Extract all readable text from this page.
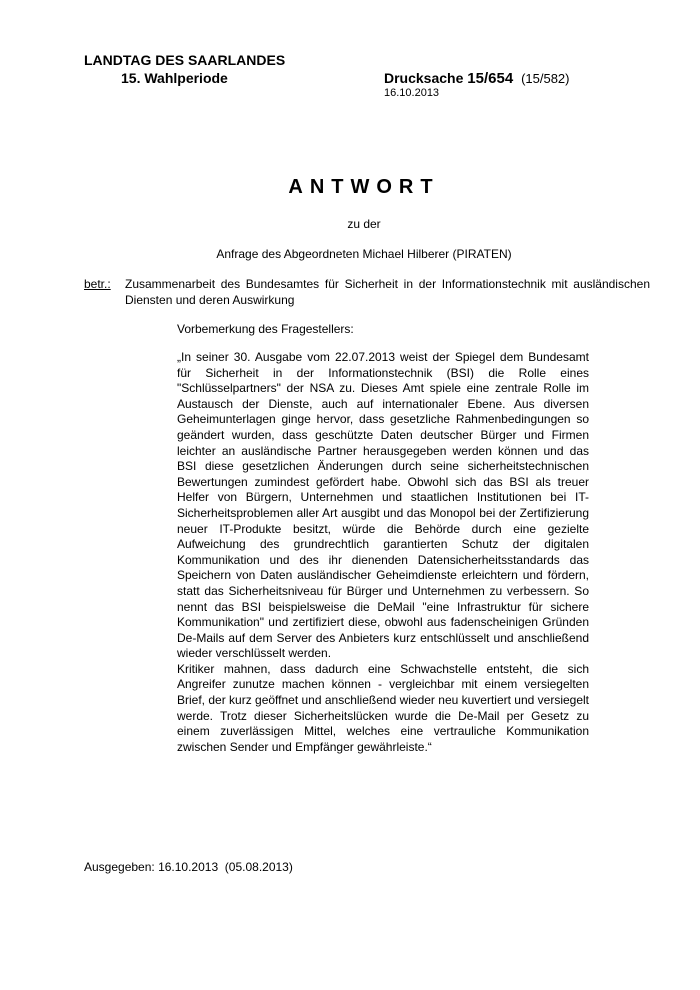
LANDTAG DES SAARLANDES
15. Wahlperiode	Drucksache 15/654 (15/582)
16.10.2013
ANTWORT
zu der
Anfrage des Abgeordneten Michael Hilberer (PIRATEN)
betr.: Zusammenarbeit des Bundesamtes für Sicherheit in der Informationstechnik mit ausländischen Diensten und deren Auswirkung
Vorbemerkung des Fragestellers:

„In seiner 30. Ausgabe vom 22.07.2013 weist der Spiegel dem Bundesamt für Sicherheit in der Informationstechnik (BSI) die Rolle eines "Schlüsselpartners" der NSA zu. Dieses Amt spiele eine zentrale Rolle im Austausch der Dienste, auch auf internationaler Ebene. Aus diversen Geheimunterlagen ginge hervor, dass gesetzliche Rahmenbedingungen so geändert wurden, dass geschützte Daten deutscher Bürger und Firmen leichter an ausländische Partner herausgegeben werden können und das BSI diese gesetzlichen Änderungen durch seine sicherheitstechnischen Bewertungen zumindest gefördert habe. Obwohl sich das BSI als treuer Helfer von Bürgern, Unternehmen und staatlichen Institutionen bei IT-Sicherheitsproblemen aller Art ausgibt und das Monopol bei der Zertifizierung neuer IT-Produkte besitzt, würde die Behörde durch eine gezielte Aufweichung des grundrechtlich garantierten Schutz der digitalen Kommunikation und des ihr dienenden Datensicherheitsstandards das Speichern von Daten ausländischer Geheimdienste erleichtern und fördern, statt das Sicherheitsniveau für Bürger und Unternehmen zu verbessern. So nennt das BSI beispielsweise die DeMail "eine Infrastruktur für sichere Kommunikation" und zertifiziert diese, obwohl aus fadenscheinigen Gründen De-Mails auf dem Server des Anbieters kurz entschlüsselt und anschließend wieder verschlüsselt werden.

Kritiker mahnen, dass dadurch eine Schwachstelle entsteht, die sich Angreifer zunutze machen können - vergleichbar mit einem versiegelten Brief, der kurz geöffnet und anschließend wieder neu kuvertiert und versiegelt werde. Trotz dieser Sicherheitslücken wurde die De-Mail per Gesetz zu einem zuverlässigen Mittel, welches eine vertrauliche Kommunikation zwischen Sender und Empfänger gewährleiste.“

Ausgegeben: 16.10.2013  (05.08.2013)
